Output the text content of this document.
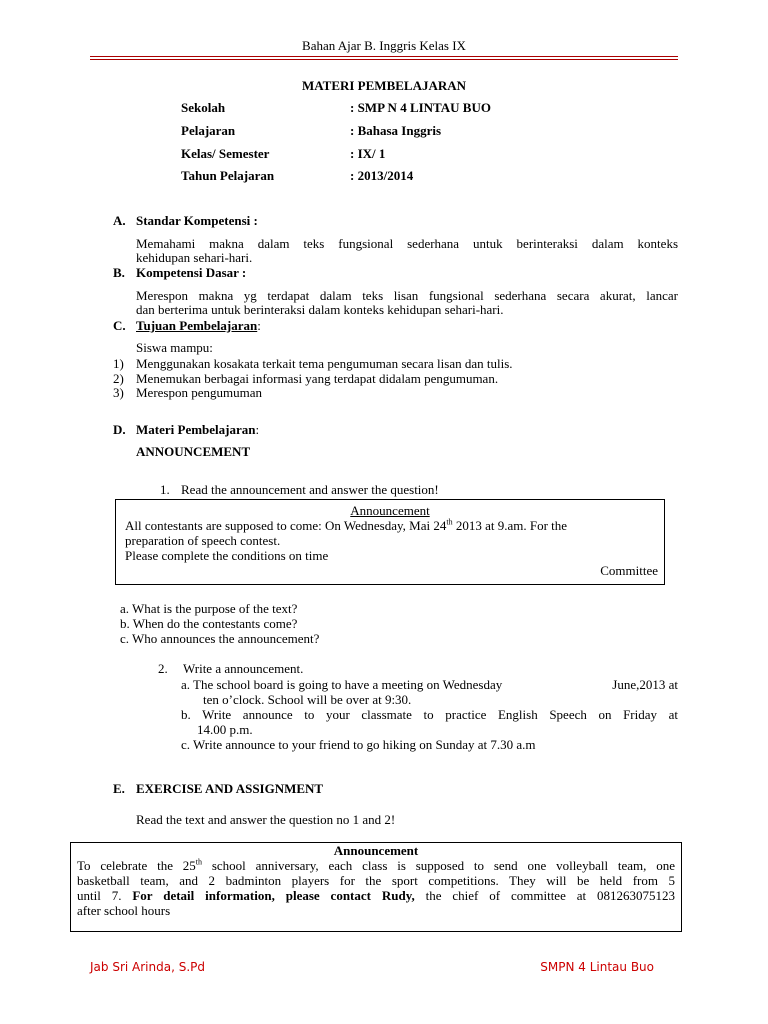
Bahan Ajar B. Inggris Kelas IX
MATERI PEMBELAJARAN
Sekolah	: SMP N 4 LINTAU BUO
Pelajaran	: Bahasa Inggris
Kelas/ Semester	: IX/ 1
Tahun Pelajaran	: 2013/2014
A. Standar Kompetensi :
Memahami makna dalam teks fungsional sederhana untuk berinteraksi dalam konteks
kehidupan sehari-hari.
B. Kompetensi Dasar :
Merespon makna yg terdapat dalam teks lisan fungsional sederhana secara akurat, lancar
dan berterima untuk berinteraksi dalam konteks kehidupan sehari-hari.
C. Tujuan Pembelajaran:
Siswa mampu:
1) Menggunakan kosakata terkait tema pengumuman secara lisan dan tulis.
2) Menemukan berbagai informasi yang terdapat didalam pengumuman.
3) Merespon pengumuman
D. Materi Pembelajaran:
ANNOUNCEMENT
1. Read the announcement and answer the question!
Announcement
All contestants are supposed to come: On Wednesday, Mai 24th 2013 at 9.am. For the
preparation of speech contest.
Please complete the conditions on time
Committee
a. What is the purpose of the text?
b. When do the contestants come?
c. Who announces the announcement?
2. Write a announcement.
a. The school board is going to have a meeting on Wednesday	June,2013 at
ten o’clock. School will be over at 9:30.
b. Write announce to your classmate to practice English Speech on Friday at
14.00 p.m.
c. Write announce to your friend to go hiking on Sunday at 7.30 a.m
E. EXERCISE AND ASSIGNMENT
Read the text and answer the question no 1 and 2!
Announcement
To celebrate the 25th school anniversary, each class is supposed to send one volleyball team, one
basketball team, and 2 badminton players for the sport competitions. They will be held from 5
until 7. For detail information, please contact Rudy, the chief of committee at 081263075123
after school hours
Jab Sri Arinda, S.Pd	SMPN 4 Lintau Buo
